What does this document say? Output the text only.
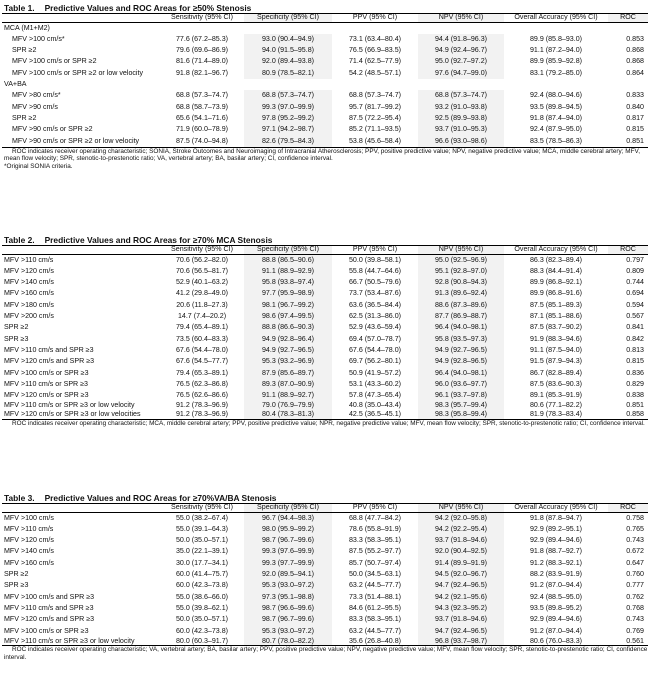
Table 1. Predictive Values and ROC Areas for ≥50% Stenosis
	Sensitivity (95% CI)	Specificity (95% CI)	PPV (95% CI)	NPV (95% CI)	Overall Accuracy (95% CI)	ROC
MCA (M1+M2)						
MFV >100 cm/s*	77.6 (67.2–85.3)	93.0 (90.4–94.9)	73.1 (63.4–80.4)	94.4 (91.8–96.3)	89.9 (85.8–93.0)	0.853
SPR ≥2	79.6 (69.6–86.9)	94.0 (91.5–95.8)	76.5 (66.9–83.5)	94.9 (92.4–96.7)	91.1 (87.2–94.0)	0.868
MFV >100 cm/s or SPR ≥2	81.6 (71.4–89.0)	92.0 (89.4–93.8)	71.4 (62.5–77.9)	95.0 (92.7–97.2)	89.9 (85.9–92.8)	0.868
MFV >100 cm/s or SPR ≥2 or low velocity	91.8 (82.1–96.7)	80.9 (78.5–82.1)	54.2 (48.5–57.1)	97.6 (94.7–99.0)	83.1 (79.2–85.0)	0.864
VA+BA						
MFV >80 cm/s*	68.8 (57.3–74.7)	68.8 (57.3–74.7)	68.8 (57.3–74.7)	68.8 (57.3–74.7)	92.4 (88.0–94.6)	0.833
MFV >90 cm/s	68.8 (58.7–73.9)	99.3 (97.0–99.9)	95.7 (81.7–99.2)	93.2 (91.0–93.8)	93.5 (89.8–94.5)	0.840
SPR ≥2	65.6 (54.1–71.6)	97.8 (95.2–99.2)	87.5 (72.2–95.4)	92.5 (89.9–93.8)	91.8 (87.4–94.0)	0.817
MFV >90 cm/s or SPR ≥2	71.9 (60.0–78.9)	97.1 (94.2–98.7)	85.2 (71.1–93.5)	93.7 (91.0–95.3)	92.4 (87.9–95.0)	0.815
MFV >90 cm/s or SPR ≥2 or low velocity	87.5 (74.0–94.8)	82.6 (79.5–84.3)	53.8 (45.6–58.4)	96.6 (93.0–98.6)	83.5 (78.5–86.3)	0.851

ROC indicates receiver operating characteristic; SONIA, Stroke Outcomes and Neuroimaging of Intracranial Atherosclerosis; PPV, positive predictive value; NPV, negative predictive value; MCA, middle cerebral artery; MFV, mean flow velocity; SPR, stenotic-to-prestenotic ratio; VA, vertebral artery; BA, basilar artery; CI, confidence interval.

*Original SONIA criteria.

Table 2. Predictive Values and ROC Areas for ≥70% MCA Stenosis
	Sensitivity (95% CI)	Specificity (95% CI)	PPV (95% CI)	NPV (95% CI)	Overall Accuracy (95% CI)	ROC
MFV >110 cm/s	70.6 (56.2–82.0)	88.8 (86.5–90.6)	50.0 (39.8–58.1)	95.0 (92.5–96.9)	86.3 (82.3–89.4)	0.797
MFV >120 cm/s	70.6 (56.5–81.7)	91.1 (88.9–92.9)	55.8 (44.7–64.6)	95.1 (92.8–97.0)	88.3 (84.4–91.4)	0.809
MFV >140 cm/s	52.9 (40.1–63.2)	95.8 (93.8–97.4)	66.7 (50.5–79.6)	92.8 (90.8–94.3)	89.9 (86.8–92.1)	0.744
MFV >160 cm/s	41.2 (29.8–49.0)	97.7 (95.9–98.9)	73.7 (53.4–87.6)	91.3 (89.6–92.4)	89.9 (86.8–91.6)	0.694
MFV >180 cm/s	20.6 (11.8–27.3)	98.1 (96.7–99.2)	63.6 (36.5–84.4)	88.6 (87.3–89.6)	87.5 (85.1–89.3)	0.594
MFV >200 cm/s	14.7 (7.4–20.2)	98.6 (97.4–99.5)	62.5 (31.3–86.0)	87.7 (86.9–88.7)	87.1 (85.1–88.6)	0.567
SPR ≥2	79.4 (65.4–89.1)	88.8 (86.6–90.3)	52.9 (43.6–59.4)	96.4 (94.0–98.1)	87.5 (83.7–90.2)	0.841
SPR ≥3	73.5 (60.4–83.3)	94.9 (92.8–96.4)	69.4 (57.0–78.7)	95.8 (93.5–97.3)	91.9 (88.3–94.6)	0.842
MFV >110 cm/s and SPR ≥3	67.6 (54.4–78.0)	94.9 (92.7–96.5)	67.6 (54.4–78.0)	94.9 (92.7–96.5)	91.1 (87.5–94.0)	0.813
MFV >120 cm/s and SPR ≥3	67.6 (54.5–77.7)	95.3 (93.2–96.9)	69.7 (56.2–80.1)	94.9 (92.8–96.5)	91.5 (87.9–94.3)	0.815
MFV >100 cm/s or SPR ≥3	79.4 (65.3–89.1)	87.9 (85.6–89.7)	50.9 (41.9–57.2)	96.4 (94.0–98.1)	86.7 (82.8–89.4)	0.836
MFV >110 cm/s or SPR ≥3	76.5 (62.3–86.8)	89.3 (87.0–90.9)	53.1 (43.3–60.2)	96.0 (93.6–97.7)	87.5 (83.6–90.3)	0.829
MFV >120 cm/s or SPR ≥3	76.5 (62.6–86.6)	91.1 (88.9–92.7)	57.8 (47.3–65.4)	96.1 (93.7–97.8)	89.1 (85.3–91.9)	0.838
MFV >110 cm/s or SPR ≥3 or low velocity	91.2 (78.3–96.9)	79.0 (76.9–79.9)	40.8 (35.0–43.4)	98.3 (95.7–99.4)	80.6 (77.1–82.2)	0.851
MFV >120 cm/s or SPR ≥3 or low velocities	91.2 (78.3–96.9)	80.4 (78.3–81.3)	42.5 (36.5–45.1)	98.3 (95.8–99.4)	81.9 (78.3–83.4)	0.858

ROC indicates receiver operating characteristic; MCA, middle cerebral artery; PPV, positive predictive value; NPR, negative predictive value; MFV, mean flow velocity; SPR, stenotic-to-prestenotic ratio; CI, confidence interval.

Table 3. Predictive Values and ROC Areas for ≥70%VA/BA Stenosis
	Sensitivity (95% CI)	Specificity (95% CI)	PPV (95% CI)	NPV (95% CI)	Overall Accuracy (95% CI)	ROC
MFV >100 cm/s	55.0 (38.2–67.4)	96.7 (94.4–98.3)	68.8 (47.7–84.2)	94.2 (92.0–95.8)	91.8 (87.8–94.7)	0.758
MFV >110 cm/s	55.0 (39.1–64.3)	98.0 (95.9–99.2)	78.6 (55.8–91.9)	94.2 (92.2–95.4)	92.9 (89.2–95.1)	0.765
MFV >120 cm/s	50.0 (35.0–57.1)	98.7 (96.7–99.6)	83.3 (58.3–95.1)	93.7 (91.8–94.6)	92.9 (89.4–94.6)	0.743
MFV >140 cm/s	35.0 (22.1–39.1)	99.3 (97.6–99.9)	87.5 (55.2–97.7)	92.0 (90.4–92.5)	91.8 (88.7–92.7)	0.672
MFV >160 cm/s	30.0 (17.7–34.1)	99.3 (97.7–99.9)	85.7 (50.7–97.4)	91.4 (89.9–91.9)	91.2 (88.3–92.1)	0.647
SPR ≥2	60.0 (41.4–75.7)	92.0 (89.5–94.1)	50.0 (34.5–63.1)	94.5 (92.0–96.7)	88.2 (83.9–91.9)	0.760
SPR ≥3	60.0 (42.3–73.8)	95.3 (93.0–97.2)	63.2 (44.5–77.7)	94.7 (92.4–96.5)	91.2 (87.0–94.4)	0.777
MFV >100 cm/s and SPR ≥3	55.0 (38.6–66.0)	97.3 (95.1–98.8)	73.3 (51.4–88.1)	94.2 (92.1–95.6)	92.4 (88.5–95.0)	0.762
MFV >110 cm/s and SPR ≥3	55.0 (39.8–62.1)	98.7 (96.6–99.6)	84.6 (61.2–95.5)	94.3 (92.3–95.2)	93.5 (89.8–95.2)	0.768
MFV >120 cm/s and SPR ≥3	50.0 (35.0–57.1)	98.7 (96.7–99.6)	83.3 (58.3–95.1)	93.7 (91.8–94.6)	92.9 (89.4–94.6)	0.743
MFV >100 cm/s or SPR ≥3	60.0 (42.3–73.8)	95.3 (93.0–97.2)	63.2 (44.5–77.7)	94.7 (92.4–96.5)	91.2 (87.0–94.4)	0.769
MFV >110 cm/s or SPR ≥3 or low velocity	80.0 (60.3–91.7)	80.7 (78.0–82.2)	35.6 (26.8–40.8)	96.8 (93.7–98.7)	80.6 (76.0–83.3)	0.561

ROC indicates receiver operating characteristic; VA, vertebral artery; BA, basilar artery; PPV, positive predictive value; NPV, negative predictive value; MFV, mean flow velocity; SPR, stenotic-to-prestenotic ratio; CI, confidence interval.
